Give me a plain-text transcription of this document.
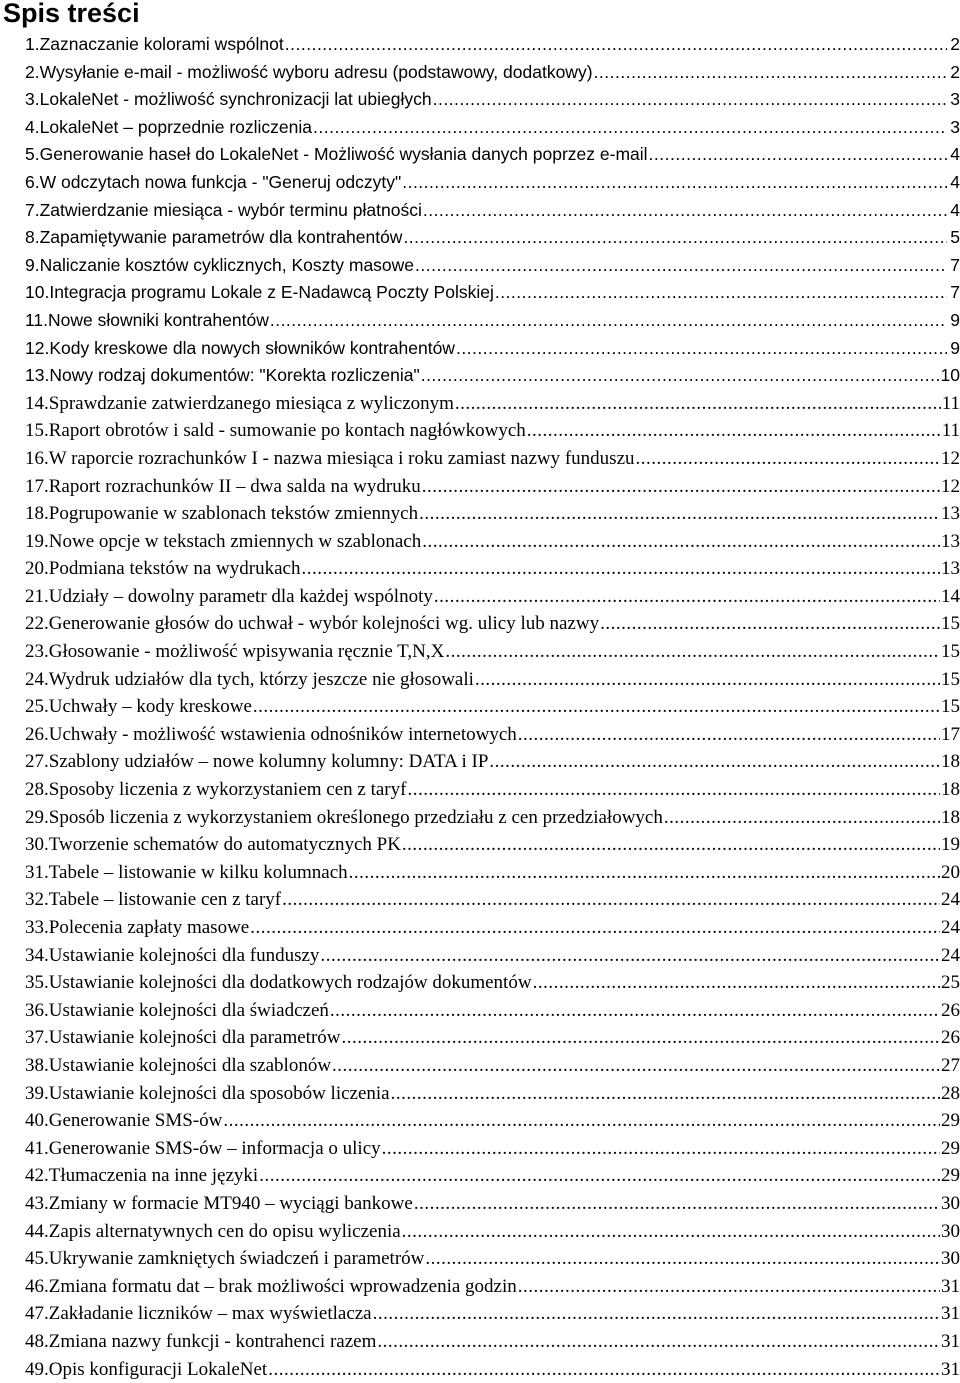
Spis treści
1. Zaznaczanie kolorami wspólnot .....	2
2. Wysyłanie e-mail - możliwość wyboru adresu (podstawowy, dodatkowy) .....	2
3. LokaleNet - możliwość synchronizacji lat ubiegłych .....	3
4. LokaleNet – poprzednie rozliczenia .....	3
5. Generowanie haseł do LokaleNet - Możliwość wysłania danych poprzez e-mail .....	4
6. W odczytach nowa funkcja - "Generuj odczyty" .....	4
7. Zatwierdzanie miesiąca - wybór terminu płatności .....	4
8. Zapamiętywanie parametrów dla kontrahentów .....	5
9. Naliczanie kosztów cyklicznych, Koszty masowe .....	7
10. Integracja programu Lokale z E-Nadawcą Poczty Polskiej .....	7
11. Nowe słowniki kontrahentów .....	9
12. Kody kreskowe dla nowych słowników kontrahentów .....	9
13. Nowy rodzaj dokumentów: "Korekta rozliczenia" .....	10
14. Sprawdzanie zatwierdzanego miesiąca z wyliczonym .....	11
15. Raport obrotów i sald - sumowanie po kontach nagłówkowych .....	11
16. W raporcie rozrachunków I - nazwa miesiąca i roku zamiast nazwy funduszu .....	12
17. Raport rozrachunków II – dwa salda na wydruku .....	12
18. Pogrupowanie w szablonach tekstów zmiennych .....	13
19. Nowe opcje w tekstach zmiennych w szablonach .....	13
20. Podmiana tekstów na wydrukach .....	13
21. Udziały – dowolny parametr dla każdej wspólnoty .....	14
22. Generowanie głosów do uchwał - wybór kolejności wg. ulicy lub nazwy .....	15
23. Głosowanie - możliwość wpisywania ręcznie T,N,X .....	15
24. Wydruk udziałów dla tych, którzy jeszcze nie głosowali .....	15
25. Uchwały – kody kreskowe .....	15
26. Uchwały - możliwość wstawienia odnośników internetowych .....	17
27. Szablony udziałów – nowe kolumny kolumny: DATA i IP .....	18
28. Sposoby liczenia z wykorzystaniem cen z taryf .....	18
29. Sposób liczenia z wykorzystaniem określonego przedziału z cen przedziałowych .....	18
30. Tworzenie schematów do automatycznych PK .....	19
31. Tabele – listowanie w kilku kolumnach .....	20
32. Tabele – listowanie cen z taryf .....	24
33. Polecenia zapłaty masowe .....	24
34. Ustawianie kolejności dla funduszy .....	24
35. Ustawianie kolejności dla dodatkowych rodzajów dokumentów .....	25
36. Ustawianie kolejności dla świadczeń .....	26
37. Ustawianie kolejności dla parametrów .....	26
38. Ustawianie kolejności dla szablonów .....	27
39. Ustawianie kolejności dla sposobów liczenia .....	28
40. Generowanie SMS-ów .....	29
41. Generowanie SMS-ów – informacja o ulicy .....	29
42. Tłumaczenia na inne języki .....	29
43. Zmiany w formacie MT940 – wyciągi bankowe .....	30
44. Zapis alternatywnych cen do opisu wyliczenia .....	30
45. Ukrywanie zamkniętych świadczeń i parametrów .....	30
46. Zmiana formatu dat – brak możliwości wprowadzenia godzin .....	31
47. Zakładanie liczników – max wyświetlacza .....	31
48. Zmiana nazwy funkcji - kontrahenci razem .....	31
49. Opis konfiguracji LokaleNet .....	31
